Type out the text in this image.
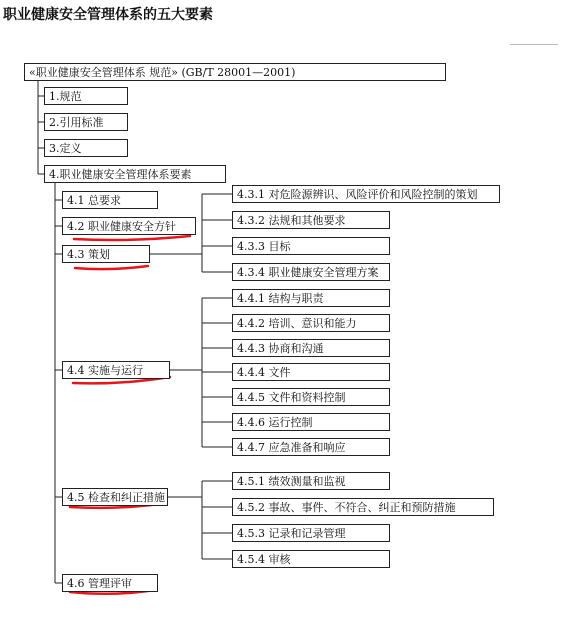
职业健康安全管理体系的五大要素
«职业健康安全管理体系 规范» (GB/T 28001—2001)
1.规范
2.引用标准
3.定义
4.职业健康安全管理体系要素
4.1 总要求
4.2 职业健康安全方针
4.3 策划
4.4 实施与运行
4.5 检查和纠正措施
4.6 管理评审
4.3.1 对危险源辨识、风险评价和风险控制的策划
4.3.2 法规和其他要求
4.3.3 目标
4.3.4 职业健康安全管理方案
4.4.1 结构与职责
4.4.2 培训、意识和能力
4.4.3 协商和沟通
4.4.4 文件
4.4.5 文件和资料控制
4.4.6 运行控制
4.4.7 应急准备和响应
4.5.1 绩效测量和监视
4.5.2 事故、事件、不符合、纠正和预防措施
4.5.3 记录和记录管理
4.5.4 审核
